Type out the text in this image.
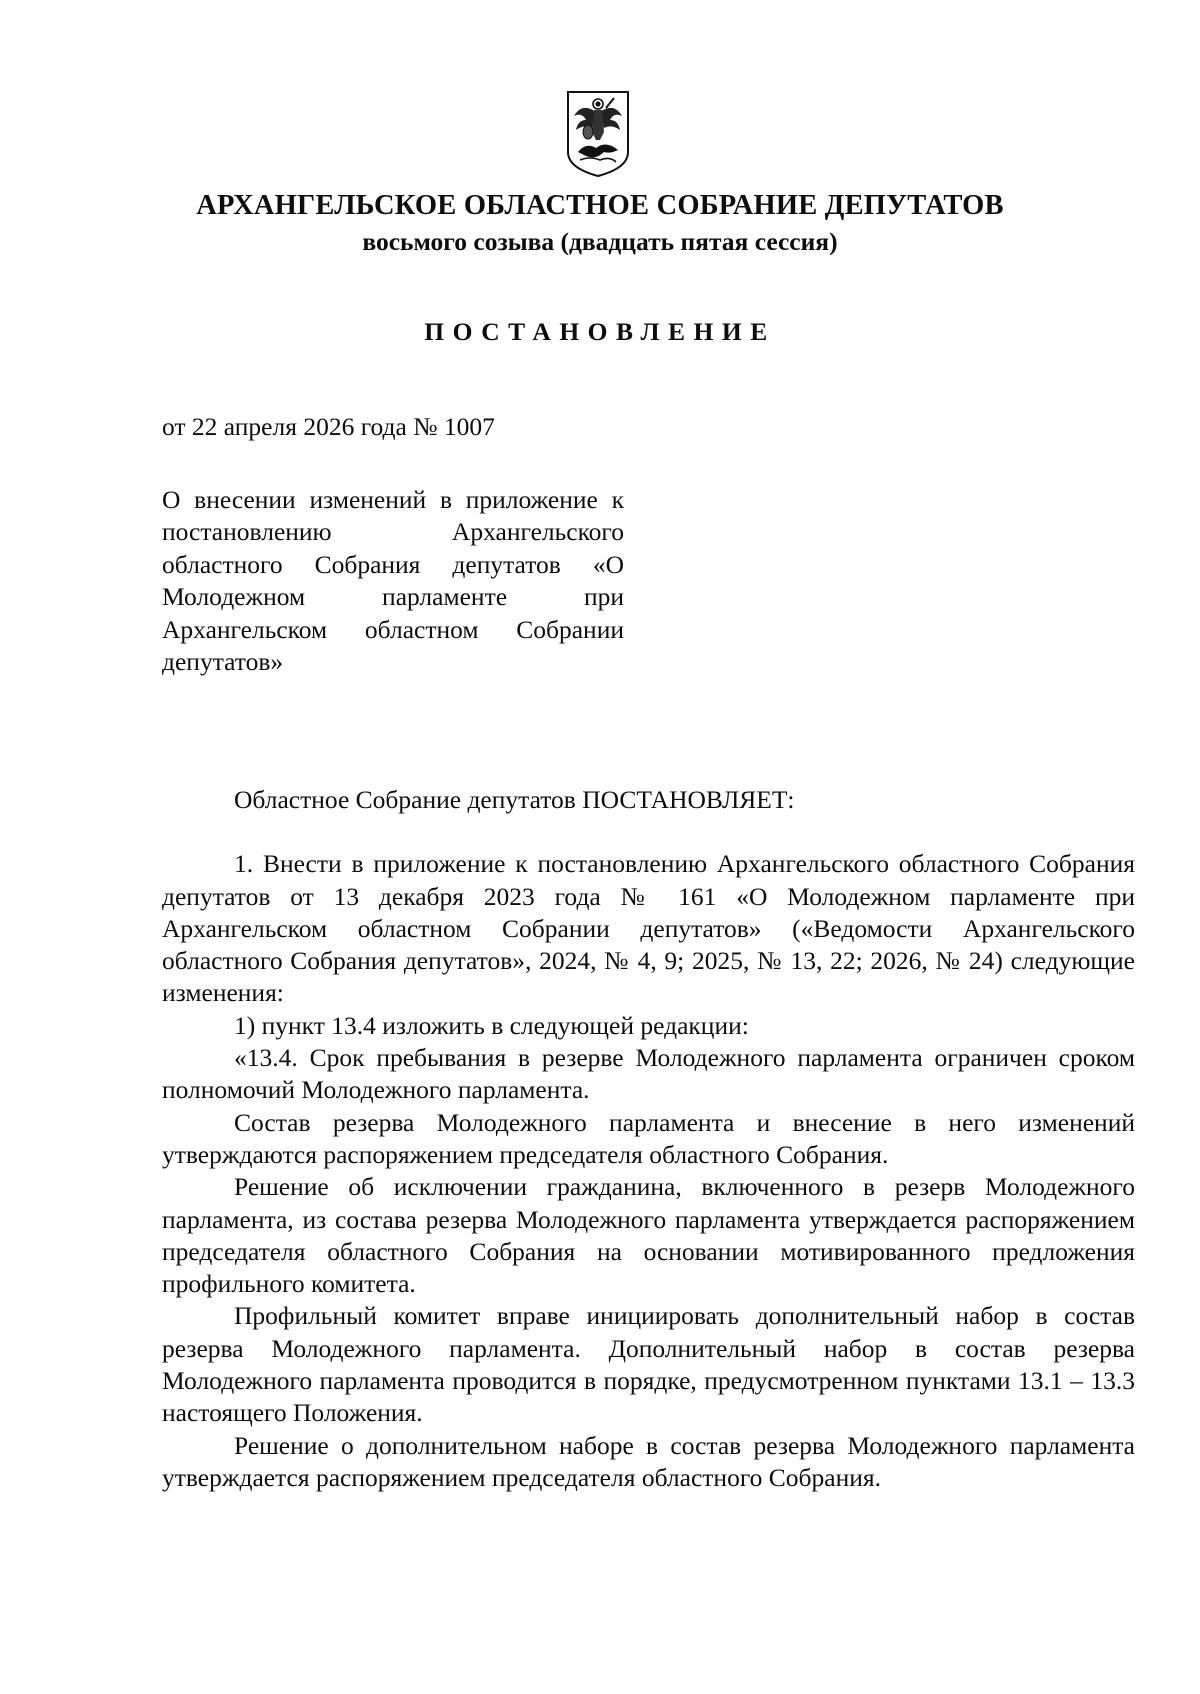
АРХАНГЕЛЬСКОЕ ОБЛАСТНОЕ СОБРАНИЕ ДЕПУТАТОВ
восьмого созыва (двадцать пятая сессия)
ПОСТАНОВЛЕНИЕ
от 22 апреля 2026 года № 1007
О внесении изменений в приложение к постановлению Архангельского областного Собрания депутатов «О Молодежном парламенте при Архангельском областном Собрании депутатов»

Областное Собрание депутатов ПОСТАНОВЛЯЕТ:

1. Внести в приложение к постановлению Архангельского областного Собрания депутатов от 13 декабря 2023 года № 161 «О Молодежном парламенте при Архангельском областном Собрании депутатов» («Ведомости Архангельского областного Собрания депутатов», 2024, № 4, 9; 2025, № 13, 22; 2026, № 24) следующие изменения:

1) пункт 13.4 изложить в следующей редакции:

«13.4. Срок пребывания в резерве Молодежного парламента ограничен сроком полномочий Молодежного парламента.

Состав резерва Молодежного парламента и внесение в него изменений утверждаются распоряжением председателя областного Собрания.

Решение об исключении гражданина, включенного в резерв Молодежного парламента, из состава резерва Молодежного парламента утверждается распоряжением председателя областного Собрания на основании мотивированного предложения профильного комитета.

Профильный комитет вправе инициировать дополнительный набор в состав резерва Молодежного парламента. Дополнительный набор в состав резерва Молодежного парламента проводится в порядке, предусмотренном пунктами 13.1 – 13.3 настоящего Положения.

Решение о дополнительном наборе в состав резерва Молодежного парламента утверждается распоряжением председателя областного Собрания.
